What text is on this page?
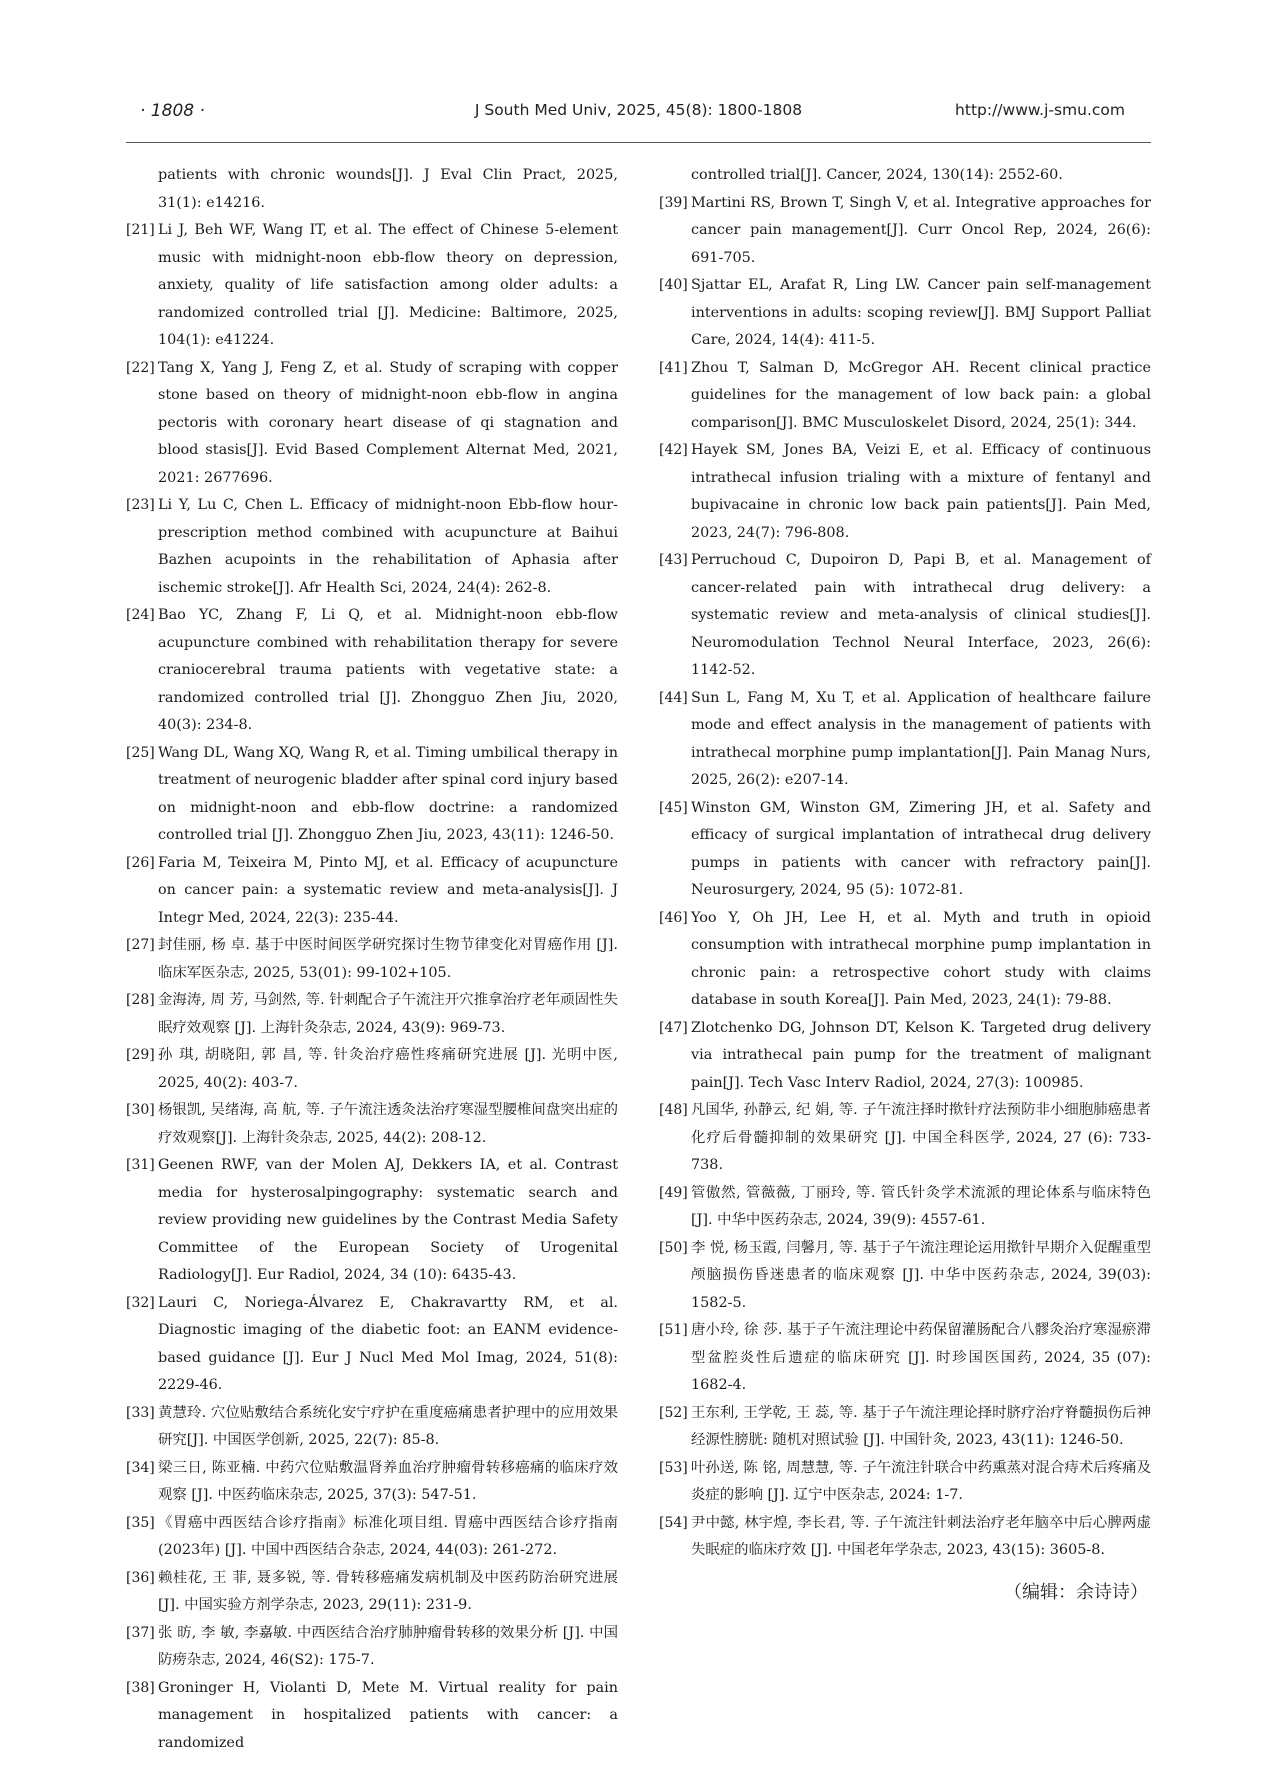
· 1808 ·	J South Med Univ, 2025, 45(8): 1800-1808	http://www.j-smu.com
patients with chronic wounds[J]. J Eval Clin Pract, 2025, 31(1): e14216.
[21] Li J, Beh WF, Wang IT, et al. The effect of Chinese 5-element music with midnight-noon ebb-flow theory on depression, anxiety, quality of life satisfaction among older adults: a randomized controlled trial [J]. Medicine: Baltimore, 2025, 104(1): e41224.
[22] Tang X, Yang J, Feng Z, et al. Study of scraping with copper stone based on theory of midnight-noon ebb-flow in angina pectoris with coronary heart disease of qi stagnation and blood stasis[J]. Evid Based Complement Alternat Med, 2021, 2021: 2677696.
[23] Li Y, Lu C, Chen L. Efficacy of midnight-noon Ebb-flow hour-prescription method combined with acupuncture at Baihui Bazhen acupoints in the rehabilitation of Aphasia after ischemic stroke[J]. Afr Health Sci, 2024, 24(4): 262-8.
[24] Bao YC, Zhang F, Li Q, et al. Midnight-noon ebb-flow acupuncture combined with rehabilitation therapy for severe craniocerebral trauma patients with vegetative state: a randomized controlled trial [J]. Zhongguo Zhen Jiu, 2020, 40(3): 234-8.
[25] Wang DL, Wang XQ, Wang R, et al. Timing umbilical therapy in treatment of neurogenic bladder after spinal cord injury based on midnight-noon and ebb-flow doctrine: a randomized controlled trial [J]. Zhongguo Zhen Jiu, 2023, 43(11): 1246-50.
[26] Faria M, Teixeira M, Pinto MJ, et al. Efficacy of acupuncture on cancer pain: a systematic review and meta-analysis[J]. J Integr Med, 2024, 22(3): 235-44.
[27] 封佳丽, 杨 卓. 基于中医时间医学研究探讨生物节律变化对胃癌作用 [J]. 临床军医杂志, 2025, 53(01): 99-102+105.
[28] 金海涛, 周 芳, 马剑然, 等. 针刺配合子午流注开穴推拿治疗老年顽固性失眠疗效观察 [J]. 上海针灸杂志, 2024, 43(9): 969-73.
[29] 孙 琪, 胡晓阳, 郭 昌, 等. 针灸治疗癌性疼痛研究进展 [J]. 光明中医, 2025, 40(2): 403-7.
[30] 杨银凯, 吴绪海, 高 航, 等. 子午流注透灸法治疗寒湿型腰椎间盘突出症的疗效观察[J]. 上海针灸杂志, 2025, 44(2): 208-12.
[31] Geenen RWF, van der Molen AJ, Dekkers IA, et al. Contrast media for hysterosalpingography: systematic search and review providing new guidelines by the Contrast Media Safety Committee of the European Society of Urogenital Radiology[J]. Eur Radiol, 2024, 34 (10): 6435-43.
[32] Lauri C, Noriega-Álvarez E, Chakravartty RM, et al. Diagnostic imaging of the diabetic foot: an EANM evidence-based guidance [J]. Eur J Nucl Med Mol Imag, 2024, 51(8): 2229-46.
[33] 黄慧玲. 穴位贴敷结合系统化安宁疗护在重度癌痛患者护理中的应用效果研究[J]. 中国医学创新, 2025, 22(7): 85-8.
[34] 梁三日, 陈亚楠. 中药穴位贴敷温肾养血治疗肿瘤骨转移癌痛的临床疗效观察 [J]. 中医药临床杂志, 2025, 37(3): 547-51.
[35] 《胃癌中西医结合诊疗指南》标准化项目组. 胃癌中西医结合诊疗指南(2023年) [J]. 中国中西医结合杂志, 2024, 44(03): 261-272.
[36] 赖桂花, 王 菲, 聂多锐, 等. 骨转移癌痛发病机制及中医药防治研究进展[J]. 中国实验方剂学杂志, 2023, 29(11): 231-9.
[37] 张 昉, 李 敏, 李嘉敏. 中西医结合治疗肺肿瘤骨转移的效果分析 [J]. 中国防痨杂志, 2024, 46(S2): 175-7.
[38] Groninger H, Violanti D, Mete M. Virtual reality for pain management in hospitalized patients with cancer: a randomized
controlled trial[J]. Cancer, 2024, 130(14): 2552-60.
[39] Martini RS, Brown T, Singh V, et al. Integrative approaches for cancer pain management[J]. Curr Oncol Rep, 2024, 26(6): 691-705.
[40] Sjattar EL, Arafat R, Ling LW. Cancer pain self-management interventions in adults: scoping review[J]. BMJ Support Palliat Care, 2024, 14(4): 411-5.
[41] Zhou T, Salman D, McGregor AH. Recent clinical practice guidelines for the management of low back pain: a global comparison[J]. BMC Musculoskelet Disord, 2024, 25(1): 344.
[42] Hayek SM, Jones BA, Veizi E, et al. Efficacy of continuous intrathecal infusion trialing with a mixture of fentanyl and bupivacaine in chronic low back pain patients[J]. Pain Med, 2023, 24(7): 796-808.
[43] Perruchoud C, Dupoiron D, Papi B, et al. Management of cancer-related pain with intrathecal drug delivery: a systematic review and meta-analysis of clinical studies[J]. Neuromodulation Technol Neural Interface, 2023, 26(6): 1142-52.
[44] Sun L, Fang M, Xu T, et al. Application of healthcare failure mode and effect analysis in the management of patients with intrathecal morphine pump implantation[J]. Pain Manag Nurs, 2025, 26(2): e207-14.
[45] Winston GM, Winston GM, Zimering JH, et al. Safety and efficacy of surgical implantation of intrathecal drug delivery pumps in patients with cancer with refractory pain[J]. Neurosurgery, 2024, 95 (5): 1072-81.
[46] Yoo Y, Oh JH, Lee H, et al. Myth and truth in opioid consumption with intrathecal morphine pump implantation in chronic pain: a retrospective cohort study with claims database in south Korea[J]. Pain Med, 2023, 24(1): 79-88.
[47] Zlotchenko DG, Johnson DT, Kelson K. Targeted drug delivery via intrathecal pain pump for the treatment of malignant pain[J]. Tech Vasc Interv Radiol, 2024, 27(3): 100985.
[48] 凡国华, 孙静云, 纪 娟, 等. 子午流注择时揿针疗法预防非小细胞肺癌患者化疗后骨髓抑制的效果研究 [J]. 中国全科医学, 2024, 27 (6): 733-738.
[49] 管傲然, 管薇薇, 丁丽玲, 等. 管氏针灸学术流派的理论体系与临床特色[J]. 中华中医药杂志, 2024, 39(9): 4557-61.
[50] 李 悦, 杨玉霞, 闫馨月, 等. 基于子午流注理论运用揿针早期介入促醒重型颅脑损伤昏迷患者的临床观察 [J]. 中华中医药杂志, 2024, 39(03): 1582-5.
[51] 唐小玲, 徐 莎. 基于子午流注理论中药保留灌肠配合八髎灸治疗寒湿瘀滞型盆腔炎性后遗症的临床研究 [J]. 时珍国医国药, 2024, 35 (07): 1682-4.
[52] 王东利, 王学乾, 王 蕊, 等. 基于子午流注理论择时脐疗治疗脊髓损伤后神经源性膀胱: 随机对照试验 [J]. 中国针灸, 2023, 43(11): 1246-50.
[53] 叶孙送, 陈 铭, 周慧慧, 等. 子午流注针联合中药熏蒸对混合痔术后疼痛及炎症的影响 [J]. 辽宁中医杂志, 2024: 1-7.
[54] 尹中懿, 林宇煌, 李长君, 等. 子午流注针刺法治疗老年脑卒中后心脾两虚失眠症的临床疗效 [J]. 中国老年学杂志, 2023, 43(15): 3605-8.
（编辑：余诗诗）
